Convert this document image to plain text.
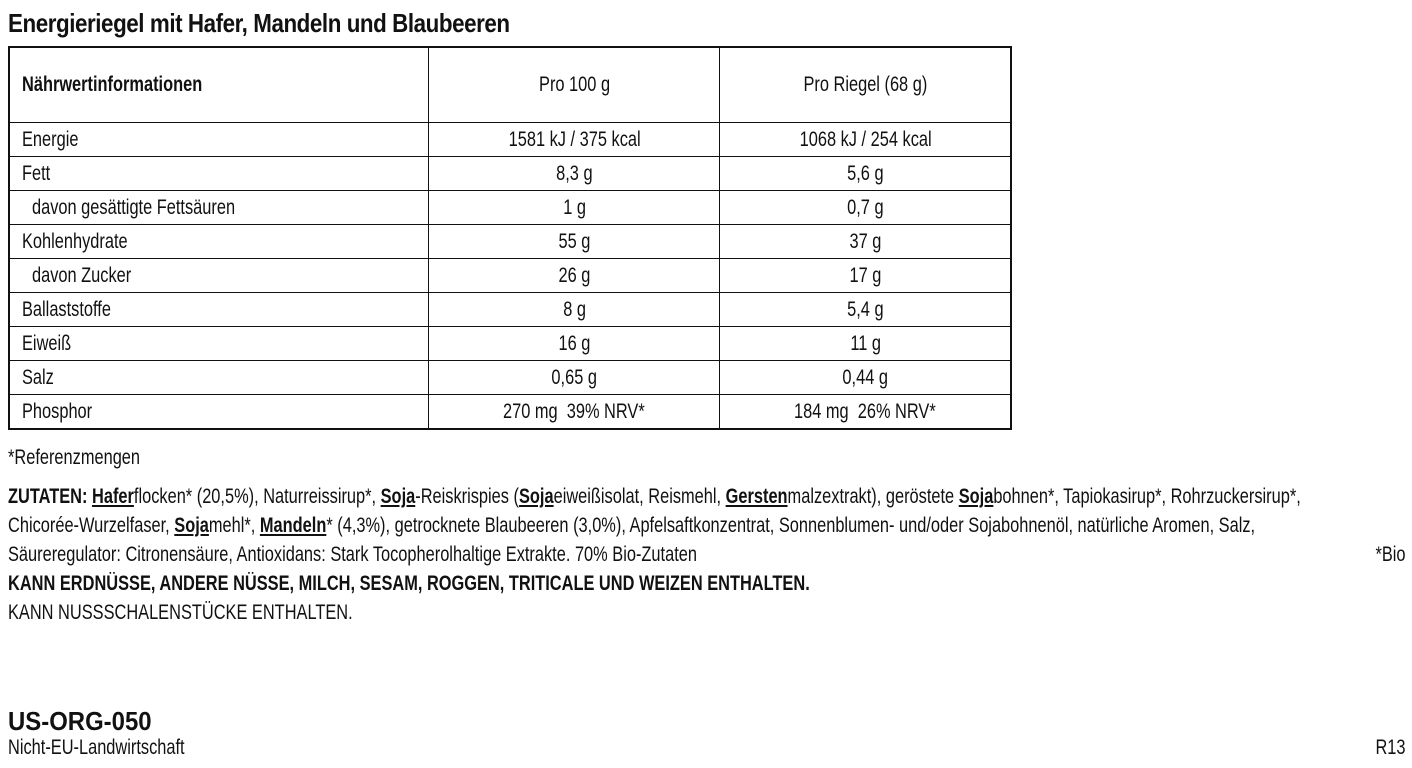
Energieriegel mit Hafer, Mandeln und Blaubeeren
Nährwertinformationen	Pro 100 g	Pro Riegel (68 g)
Energie	1581 kJ / 375 kcal	1068 kJ / 254 kcal
Fett	8,3 g	5,6 g
davon gesättigte Fettsäuren	1 g	0,7 g
Kohlenhydrate	55 g	37 g
davon Zucker	26 g	17 g
Ballaststoffe	8 g	5,4 g
Eiweiß	16 g	11 g
Salz	0,65 g	0,44 g
Phosphor	270 mg  39% NRV*	184 mg  26% NRV*
*Referenzmengen
ZUTATEN: Haferflocken* (20,5%), Naturreissirup*, Soja-Reiskrispies (Sojaeiweißisolat, Reismehl, Gerstenmalzextrakt), geröstete Sojabohnen*, Tapiokasirup*, Rohrzuckersirup*,
Chicorée-Wurzelfaser, Sojamehl*, Mandeln* (4,3%), getrocknete Blaubeeren (3,0%), Apfelsaftkonzentrat, Sonnenblumen- und/oder Sojabohnenöl, natürliche Aromen, Salz,
Säureregulator: Citronensäure, Antioxidans: Stark Tocopherolhaltige Extrakte. 70% Bio-Zutaten	*Bio
KANN ERDNÜSSE, ANDERE NÜSSE, MILCH, SESAM, ROGGEN, TRITICALE UND WEIZEN ENTHALTEN.
KANN NUSSSCHALENSTÜCKE ENTHALTEN.
US-ORG-050
Nicht-EU-Landwirtschaft	R13
